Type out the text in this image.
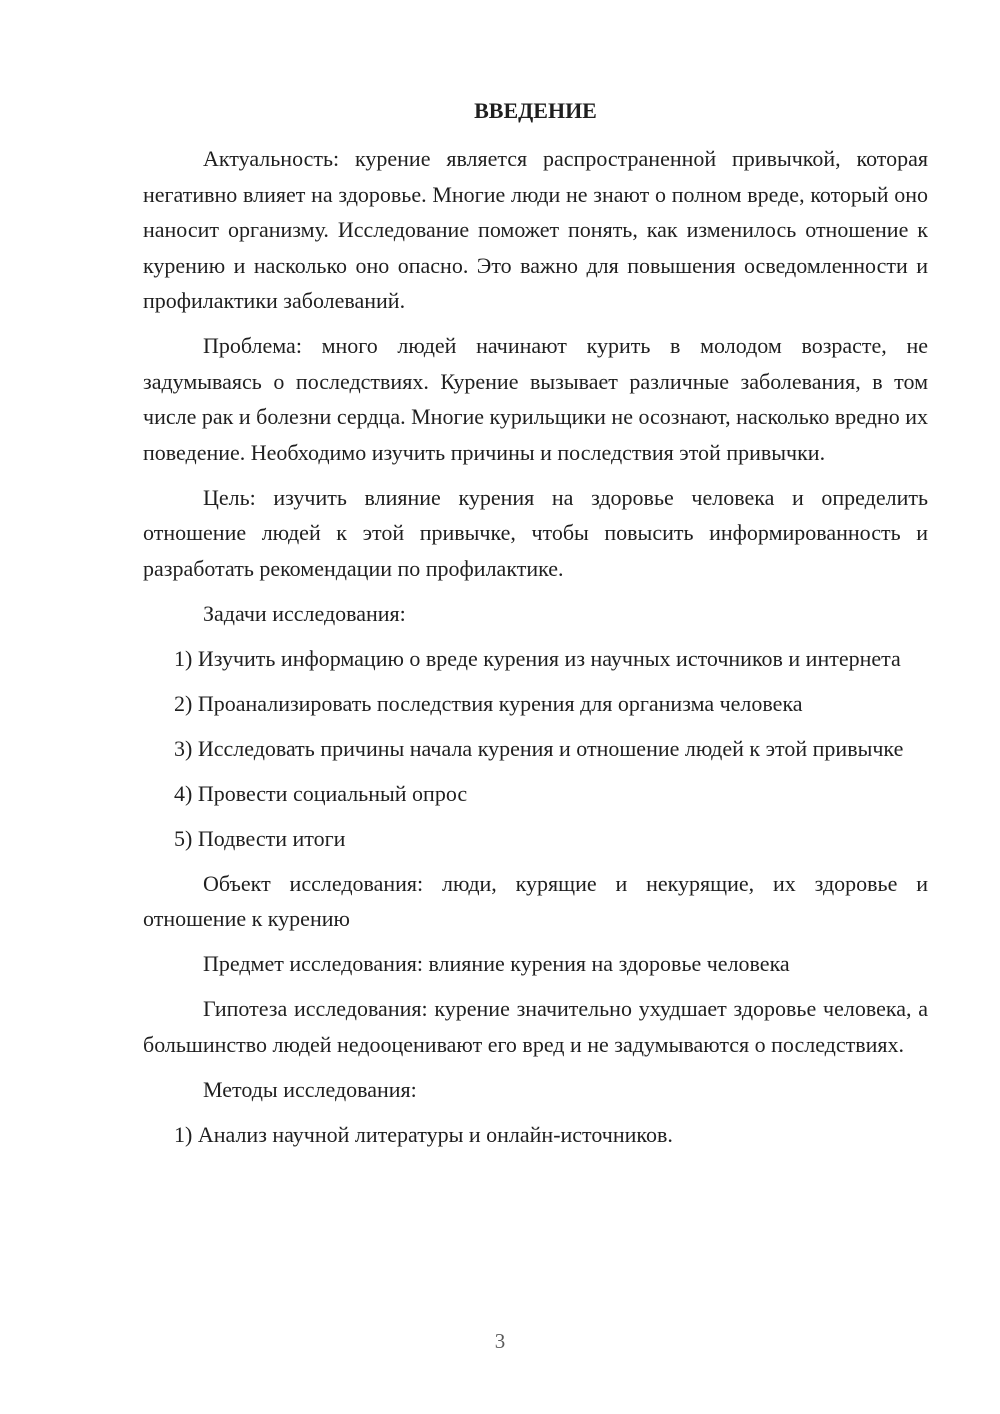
ВВЕДЕНИЕ

Актуальность: курение является распространенной привычкой, которая негативно влияет на здоровье. Многие люди не знают о полном вреде, который оно наносит организму. Исследование поможет понять, как изменилось отношение к курению и насколько оно опасно. Это важно для повышения осведомленности и профилактики заболеваний.

Проблема: много людей начинают курить в молодом возрасте, не задумываясь о последствиях. Курение вызывает различные заболевания, в том числе рак и болезни сердца. Многие курильщики не осознают, насколько вредно их поведение. Необходимо изучить причины и последствия этой привычки.

Цель: изучить влияние курения на здоровье человека и определить отношение людей к этой привычке, чтобы повысить информированность и разработать рекомендации по профилактике.

Задачи исследования:

1) Изучить информацию о вреде курения из научных источников и интернета

2) Проанализировать последствия курения для организма человека

3) Исследовать причины начала курения и отношение людей к этой привычке

4) Провести социальный опрос

5) Подвести итоги

Объект исследования: люди, курящие и некурящие, их здоровье и отношение к курению

Предмет исследования: влияние курения на здоровье человека

Гипотеза исследования: курение значительно ухудшает здоровье человека, а большинство людей недооценивают его вред и не задумываются о последствиях.

Методы исследования:

1) Анализ научной литературы и онлайн-источников.

3
